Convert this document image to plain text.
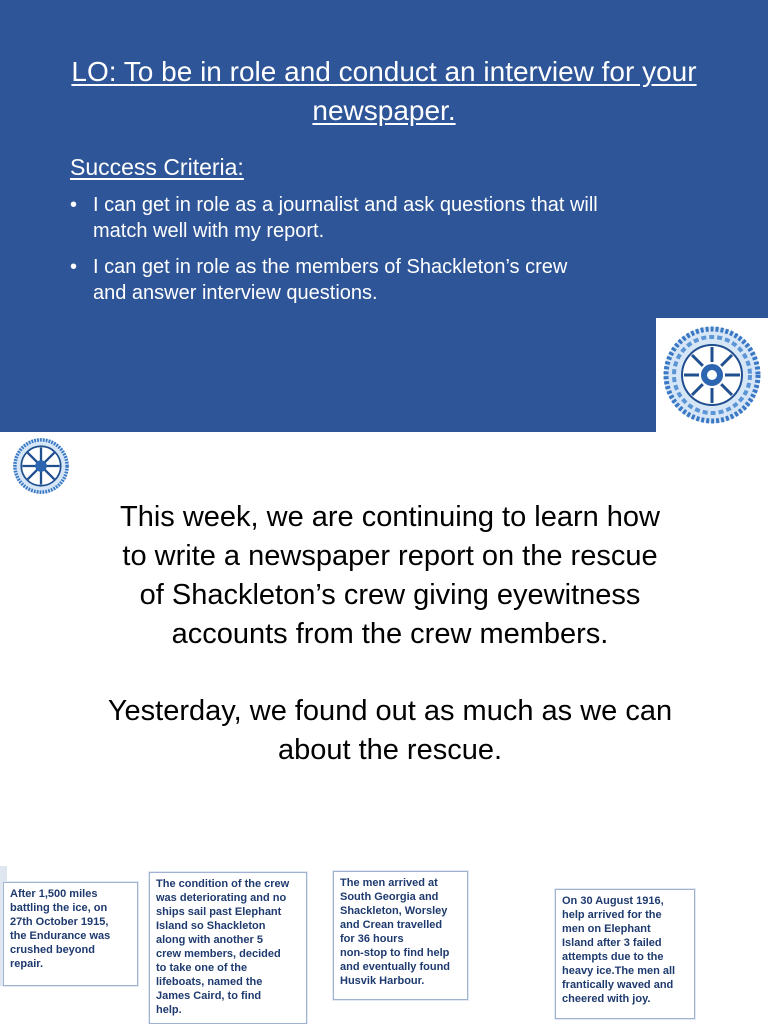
LO: To be in role and conduct an interview for your
newspaper.
Success Criteria:
• I can get in role as a journalist and ask questions that will
match well with my report.
• I can get in role as the members of Shackleton’s crew
and answer interview questions.

This week, we are continuing to learn how
to write a newspaper report on the rescue
of Shackleton’s crew giving eyewitness
accounts from the crew members.

Yesterday, we found out as much as we can
about the rescue.

After 1,500 miles
battling the ice, on
27th October 1915,
the Endurance was
crushed beyond
repair.
The condition of the crew
was deteriorating and no
ships sail past Elephant
Island so Shackleton
along with another 5
crew members, decided
to take one of the
lifeboats, named the
James Caird, to find
help.
The men arrived at
South Georgia and
Shackleton, Worsley
and Crean travelled
for 36 hours
non-stop to find help
and eventually found
Husvik Harbour.
On 30 August 1916,
help arrived for the
men on Elephant
Island after 3 failed
attempts due to the
heavy ice.The men all
frantically waved and
cheered with joy.
